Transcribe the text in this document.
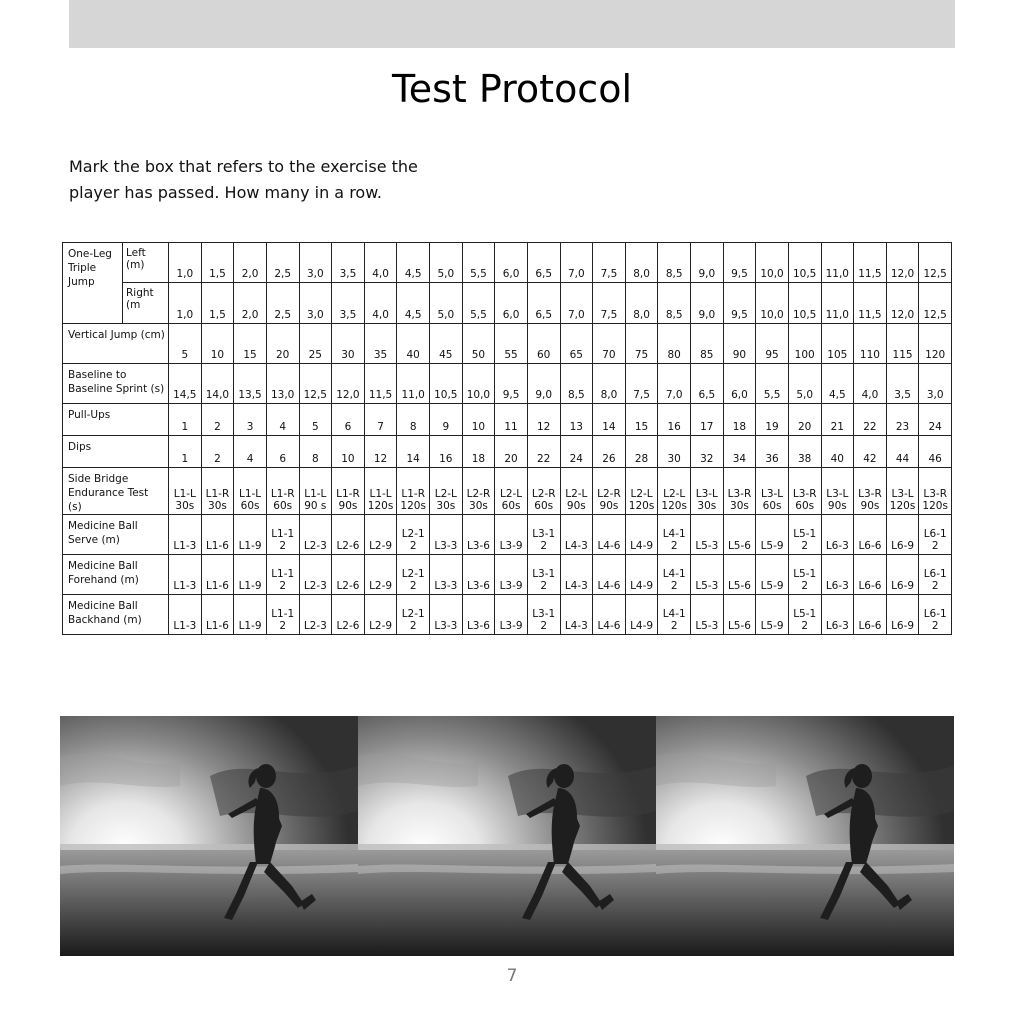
Test Protocol
Mark the box that refers to the exercise the
player has passed. How many in a row.
One-Leg Triple Jump	Left (m)	1,0	1,5	2,0	2,5	3,0	3,5	4,0	4,5	5,0	5,5	6,0	6,5	7,0	7,5	8,0	8,5	9,0	9,5	10,0	10,5	11,0	11,5	12,0	12,5
	Right (m	1,0	1,5	2,0	2,5	3,0	3,5	4,0	4,5	5,0	5,5	6,0	6,5	7,0	7,5	8,0	8,5	9,0	9,5	10,0	10,5	11,0	11,5	12,0	12,5
Vertical Jump (cm)		5	10	15	20	25	30	35	40	45	50	55	60	65	70	75	80	85	90	95	100	105	110	115	120
Baseline to Baseline Sprint (s)		14,5	14,0	13,5	13,0	12,5	12,0	11,5	11,0	10,5	10,0	9,5	9,0	8,5	8,0	7,5	7,0	6,5	6,0	5,5	5,0	4,5	4,0	3,5	3,0
Pull-Ups		1	2	3	4	5	6	7	8	9	10	11	12	13	14	15	16	17	18	19	20	21	22	23	24
Dips		1	2	4	6	8	10	12	14	16	18	20	22	24	26	28	30	32	34	36	38	40	42	44	46
Side Bridge Endurance Test (s)		L1-L 30s	L1-R 30s	L1-L 60s	L1-R 60s	L1-L 90 s	L1-R 90s	L1-L 120s	L1-R 120s	L2-L 30s	L2-R 30s	L2-L 60s	L2-R 60s	L2-L 90s	L2-R 90s	L2-L 120s	L2-L 120s	L3-L 30s	L3-R 30s	L3-L 60s	L3-R 60s	L3-L 90s	L3-R 90s	L3-L 120s	L3-R 120s
Medicine Ball Serve (m)		L1-3	L1-6	L1-9	L1-1 2	L2-3	L2-6	L2-9	L2-1 2	L3-3	L3-6	L3-9	L3-1 2	L4-3	L4-6	L4-9	L4-1 2	L5-3	L5-6	L5-9	L5-1 2	L6-3	L6-6	L6-9	L6-1 2
Medicine Ball Forehand (m)		L1-3	L1-6	L1-9	L1-1 2	L2-3	L2-6	L2-9	L2-1 2	L3-3	L3-6	L3-9	L3-1 2	L4-3	L4-6	L4-9	L4-1 2	L5-3	L5-6	L5-9	L5-1 2	L6-3	L6-6	L6-9	L6-1 2
Medicine Ball Backhand (m)		L1-3	L1-6	L1-9	L1-1 2	L2-3	L2-6	L2-9	L2-1 2	L3-3	L3-6	L3-9	L3-1 2	L4-3	L4-6	L4-9	L4-1 2	L5-3	L5-6	L5-9	L5-1 2	L6-3	L6-6	L6-9	L6-1 2
7
